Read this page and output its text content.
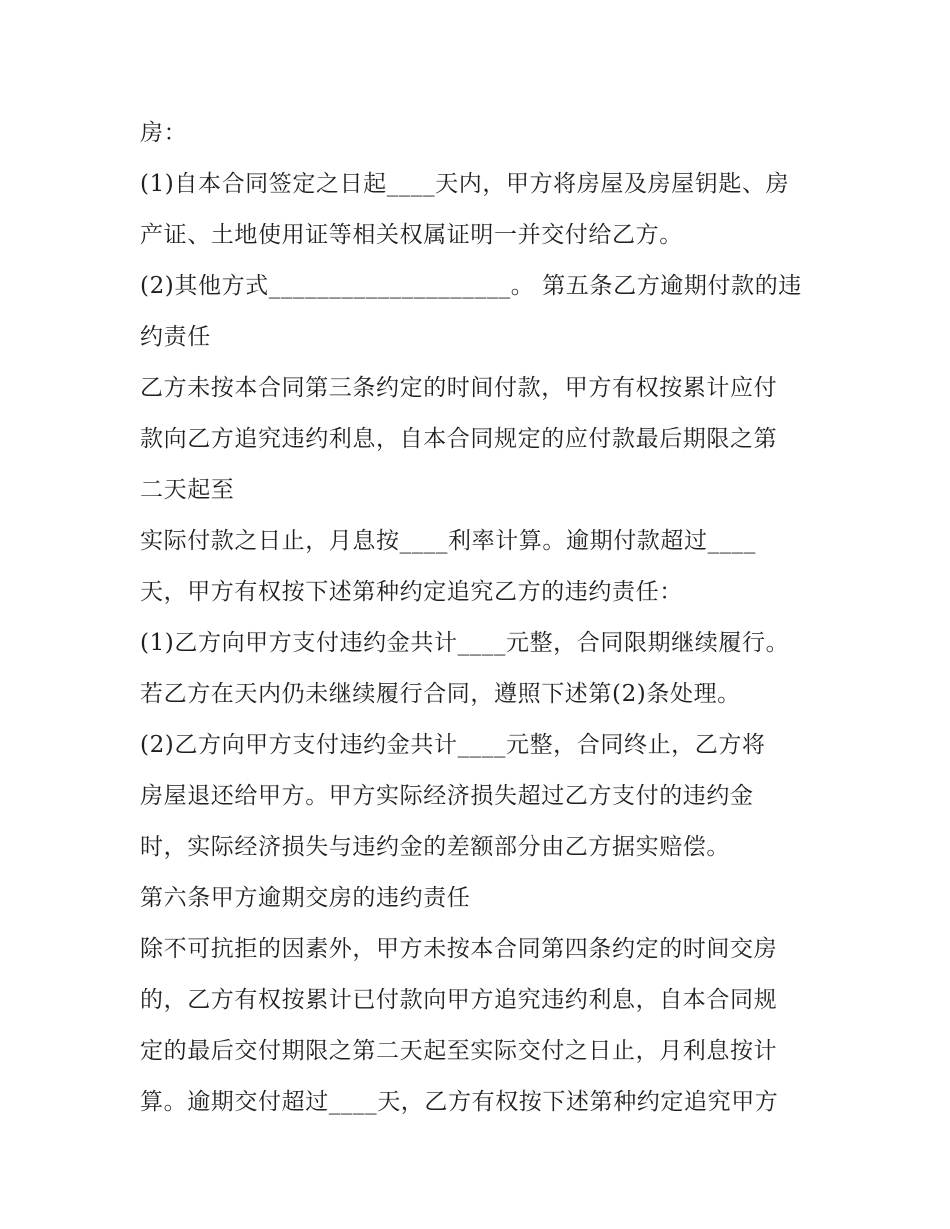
房：
(1)自本合同签定之日起____天内，甲方将房屋及房屋钥匙、房
产证、土地使用证等相关权属证明一并交付给乙方。
(2)其他方式____________________。 第五条乙方逾期付款的违
约责任
乙方未按本合同第三条约定的时间付款，甲方有权按累计应付
款向乙方追究违约利息，自本合同规定的应付款最后期限之第
二天起至
实际付款之日止，月息按____利率计算。逾期付款超过____
天，甲方有权按下述第种约定追究乙方的违约责任：
(1)乙方向甲方支付违约金共计____元整，合同限期继续履行。
若乙方在天内仍未继续履行合同，遵照下述第(2)条处理。
(2)乙方向甲方支付违约金共计____元整，合同终止，乙方将
房屋退还给甲方。甲方实际经济损失超过乙方支付的违约金
时，实际经济损失与违约金的差额部分由乙方据实赔偿。
第六条甲方逾期交房的违约责任
除不可抗拒的因素外，甲方未按本合同第四条约定的时间交房
的，乙方有权按累计已付款向甲方追究违约利息，自本合同规
定的最后交付期限之第二天起至实际交付之日止，月利息按计
算。逾期交付超过____天，乙方有权按下述第种约定追究甲方
